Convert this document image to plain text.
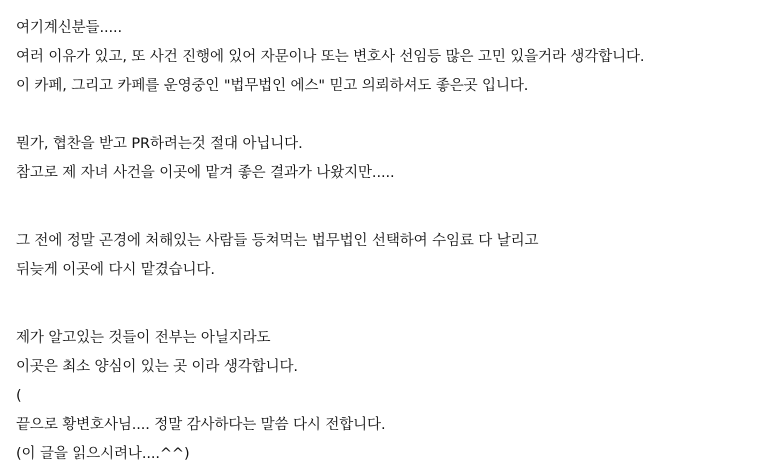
여기계신분들.....
여러 이유가 있고, 또 사건 진행에 있어 자문이나 또는 변호사 선임등 많은 고민 있을거라 생각합니다.
이 카페, 그리고 카페를 운영중인 "법무법인 에스" 믿고 의뢰하셔도 좋은곳 입니다.
뭔가, 협찬을 받고 PR하려는것 절대 아닙니다.
참고로 제 자녀 사건을 이곳에 맡겨 좋은 결과가 나왔지만.....
그 전에 정말 곤경에 처해있는 사람들 등쳐먹는 법무법인 선택하여 수임료 다 날리고
뒤늦게 이곳에 다시 맡겼습니다.
제가 알고있는 것들이 전부는 아닐지라도
이곳은 최소 양심이 있는 곳 이라 생각합니다.
(
끝으로 황변호사님.... 정말 감사하다는 말씀 다시 전합니다.
(이 글을 읽으시려나....^^)
